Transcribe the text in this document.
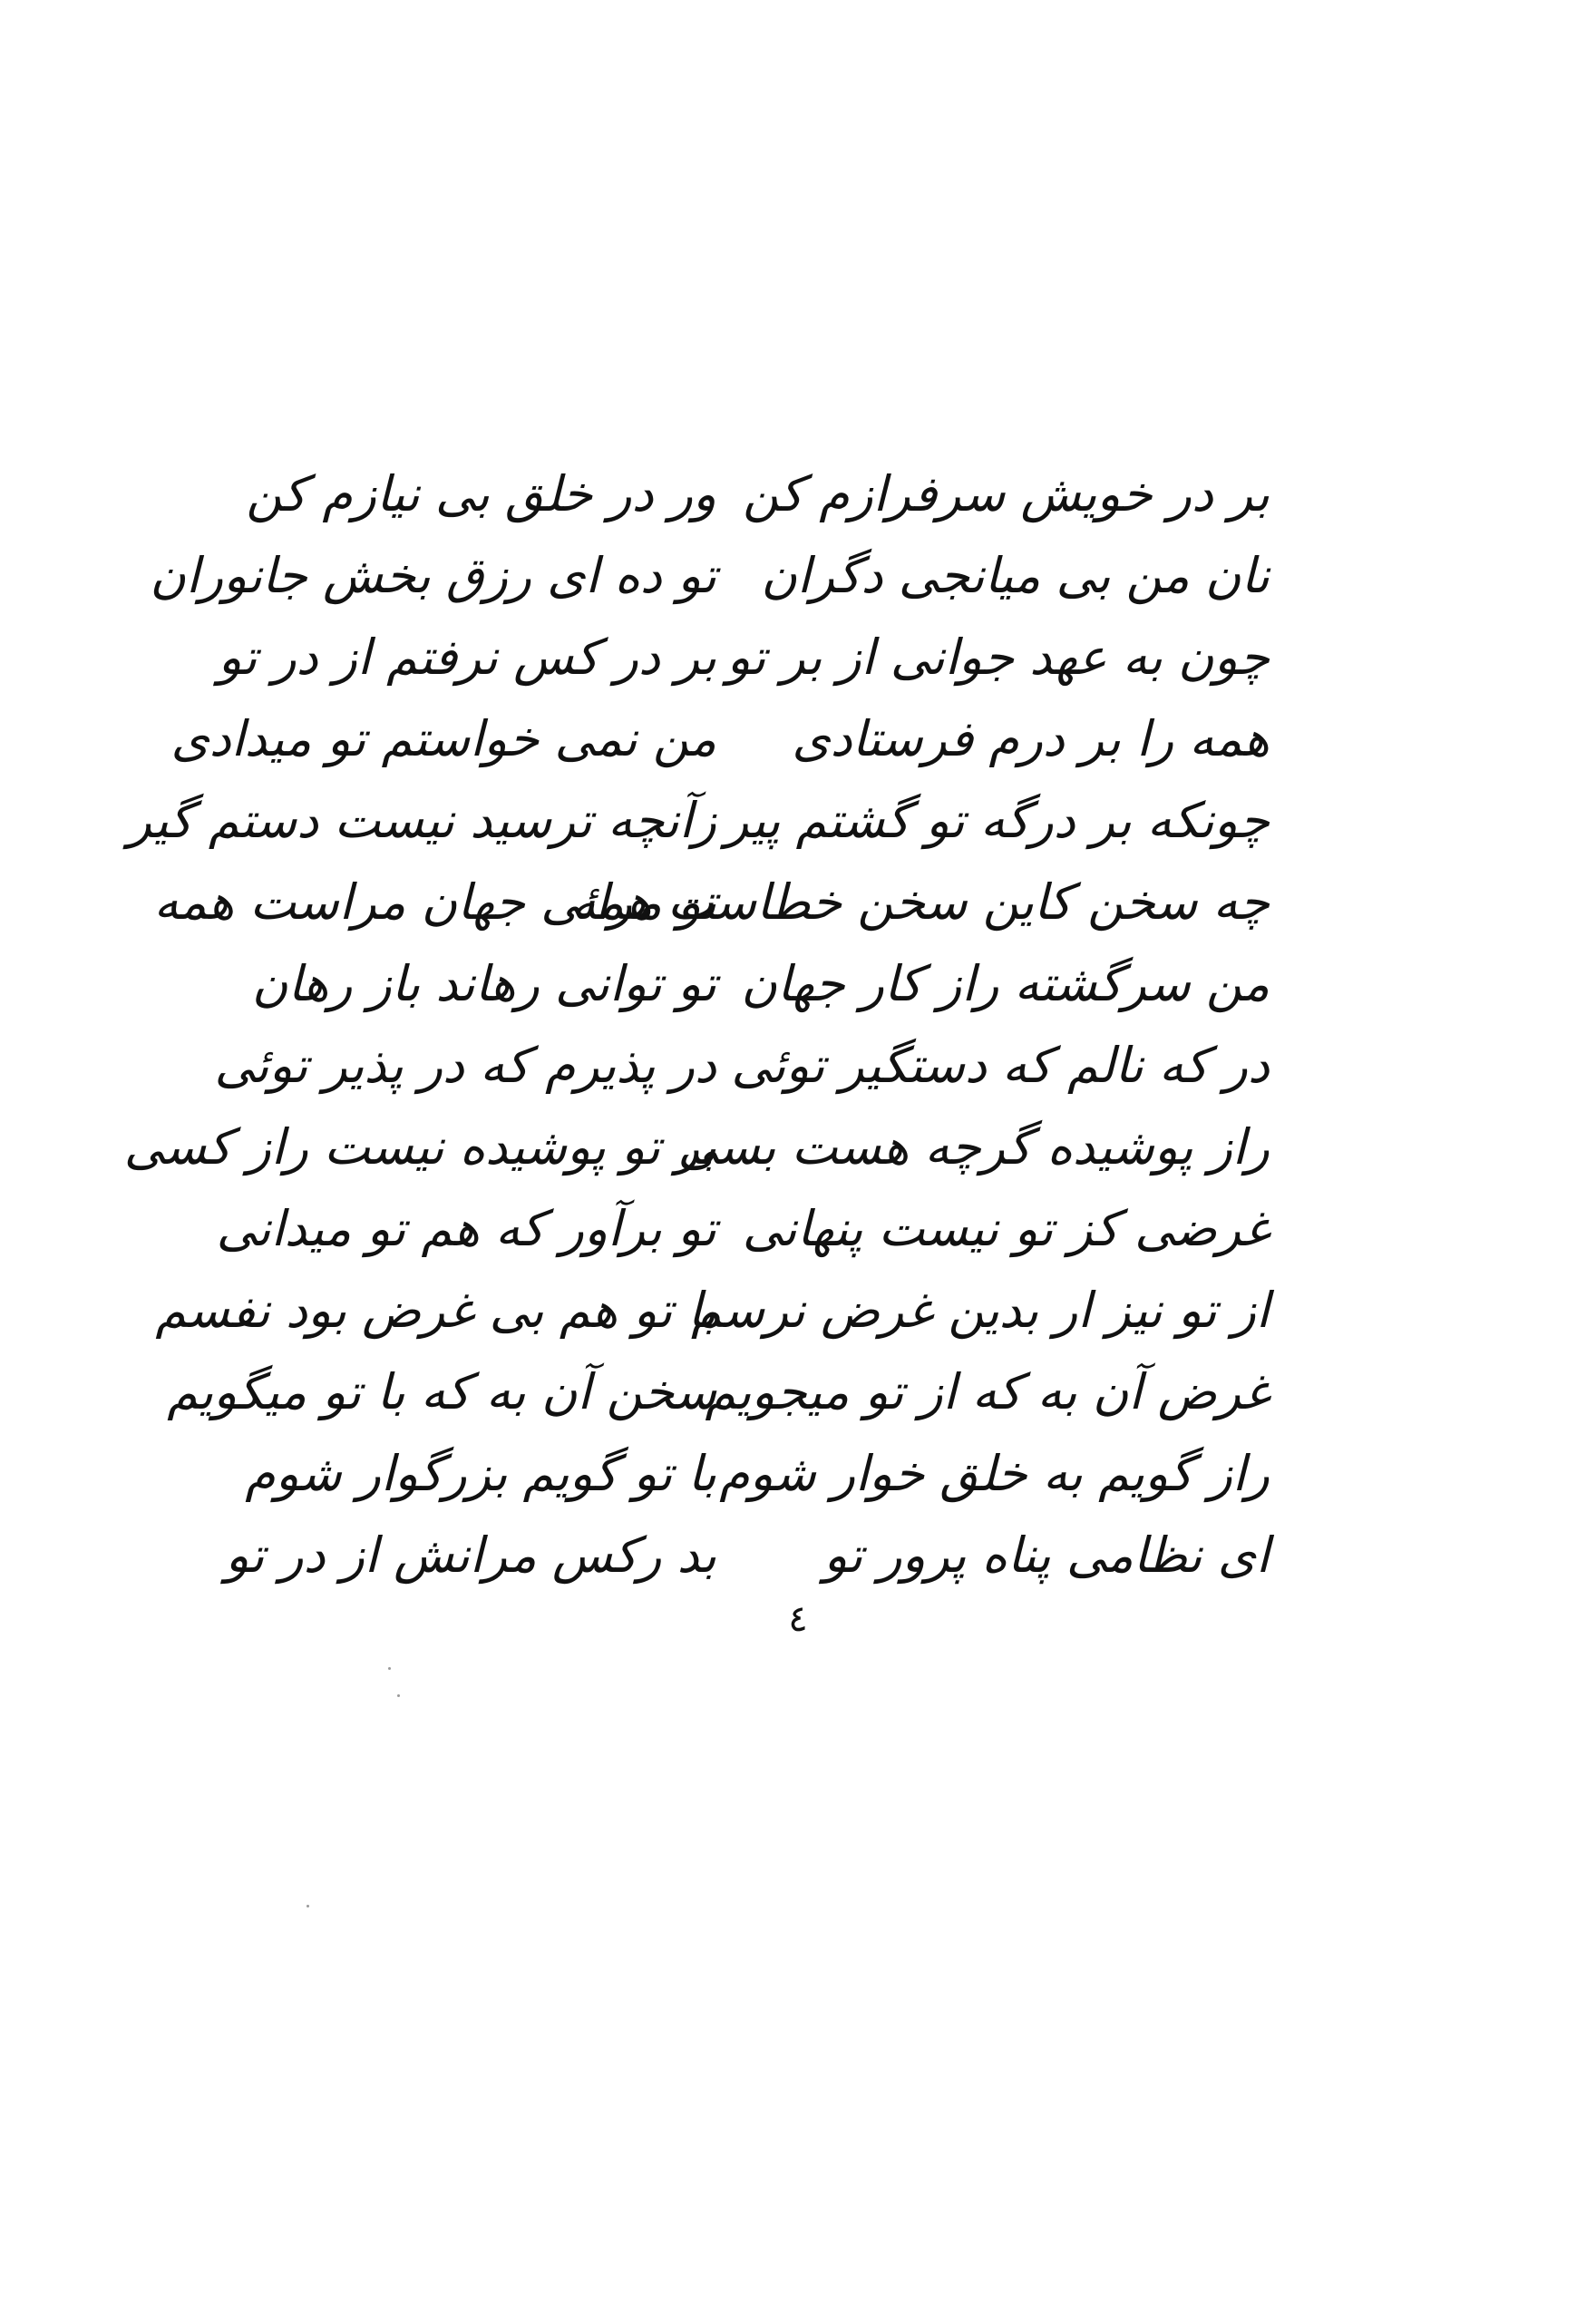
بر در خویش سرفرازم کن
ور در خلق بی نیازم کن
نان من بی میانجی دگران
تو ده ای رزق بخش جانوران
چون به عهد جوانی از بر تو
بر در کس نرفتم از در تو
همه را بر درم فرستادی
من نمی خواستم تو میدادی
چونکه بر درگه تو گشتم پیر
زآنچه ترسید نیست دستم گیر
چه سخن کاین سخن خطاست همه
تو مرائی جهان مراست همه
من سرگشته راز کار جهان
تو توانی رهاند باز رهان
در که نالم که دستگیر توئی
در پذیرم که در پذیر توئی
راز پوشیده گرچه هست بسی
بر تو پوشیده نیست راز کسی
غرضی کز تو نیست پنهانی
تو برآور که هم تو میدانی
از تو نیز ار بدین غرض نرسم
با تو هم بی غرض بود نفسم
غرض آن به که از تو میجویم
سخن آن به که با تو میگویم
راز گویم به خلق خوار شوم
با تو گویم بزرگوار شوم
ای نظامی پناه پرور تو
بد رکس مرانش از در تو
٤
